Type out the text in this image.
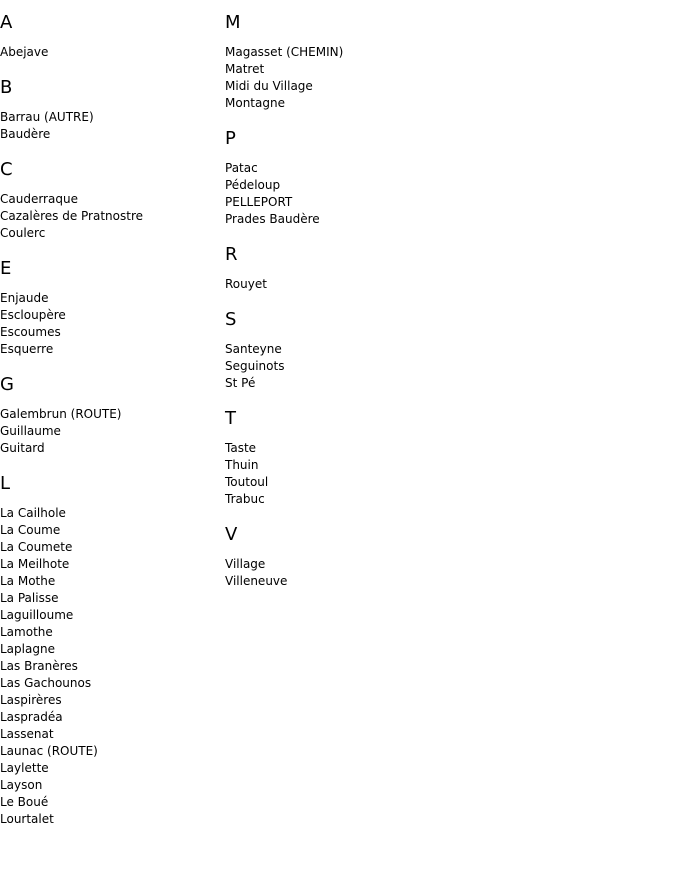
A
Abejave
B
Barrau (AUTRE)
Baudère
C
Cauderraque
Cazalères de Pratnostre
Coulerc
E
Enjaude
Escloupère
Escoumes
Esquerre
G
Galembrun (ROUTE)
Guillaume
Guitard
L
La Cailhole
La Coume
La Coumete
La Meilhote
La Mothe
La Palisse
Laguilloume
Lamothe
Laplagne
Las Branères
Las Gachounos
Laspirères
Laspradéa
Lassenat
Launac (ROUTE)
Laylette
Layson
Le Boué
Lourtalet
M
Magasset (CHEMIN)
Matret
Midi du Village
Montagne
P
Patac
Pédeloup
PELLEPORT
Prades Baudère
R
Rouyet
S
Santeyne
Seguinots
St Pé
T
Taste
Thuin
Toutoul
Trabuc
V
Village
Villeneuve
